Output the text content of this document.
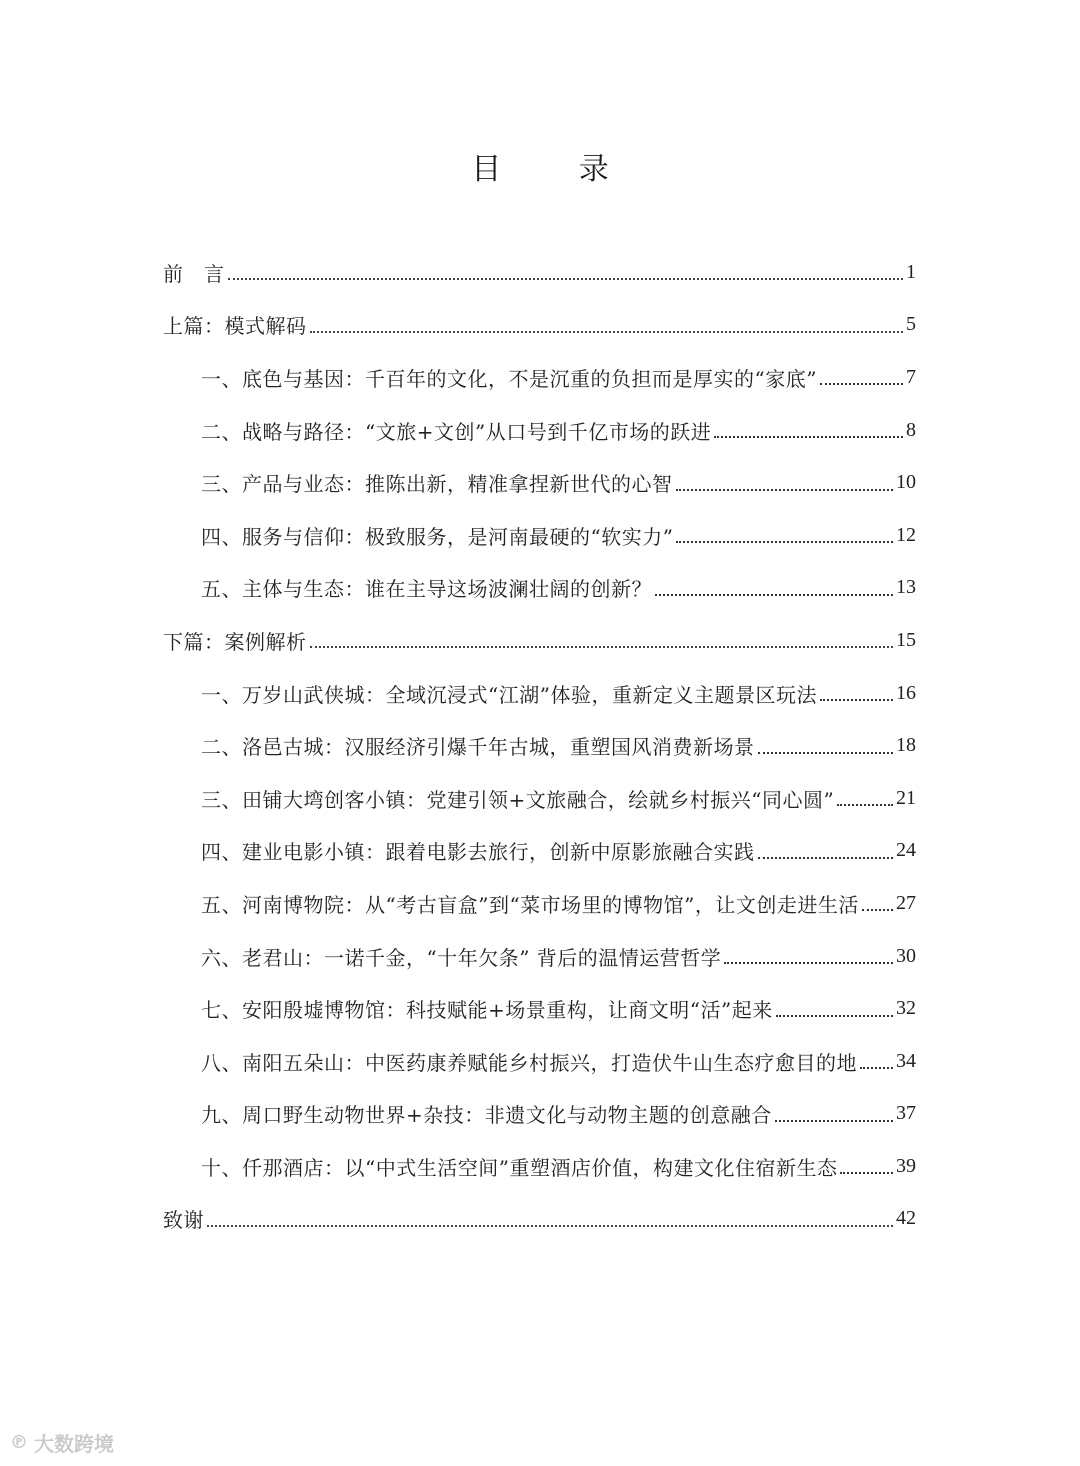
目 录
前　言	1
上篇：模式解码	5
一、底色与基因：千百年的文化，不是沉重的负担而是厚实的“家底”	7
二、战略与路径：“文旅+文创”从口号到千亿市场的跃进	8
三、产品与业态：推陈出新，精准拿捏新世代的心智	10
四、服务与信仰：极致服务，是河南最硬的“软实力”	12
五、主体与生态：谁在主导这场波澜壮阔的创新？	13
下篇：案例解析	15
一、万岁山武侠城：全域沉浸式“江湖”体验，重新定义主题景区玩法	16
二、洛邑古城：汉服经济引爆千年古城，重塑国风消费新场景	18
三、田铺大塆创客小镇：党建引领+文旅融合，绘就乡村振兴“同心圆”	21
四、建业电影小镇：跟着电影去旅行，创新中原影旅融合实践	24
五、河南博物院：从“考古盲盒”到“菜市场里的博物馆”，让文创走进生活 27
六、老君山：一诺千金，“十年欠条” 背后的温情运营哲学	30
七、安阳殷墟博物馆：科技赋能+场景重构，让商文明“活”起来	32
八、南阳五朵山：中医药康养赋能乡村振兴，打造伏牛山生态疗愈目的地 34
九、周口野生动物世界+杂技：非遗文化与动物主题的创意融合	37
十、仟那酒店：以“中式生活空间”重塑酒店价值，构建文化住宿新生态	39
致谢	42
℗ 大数跨境
